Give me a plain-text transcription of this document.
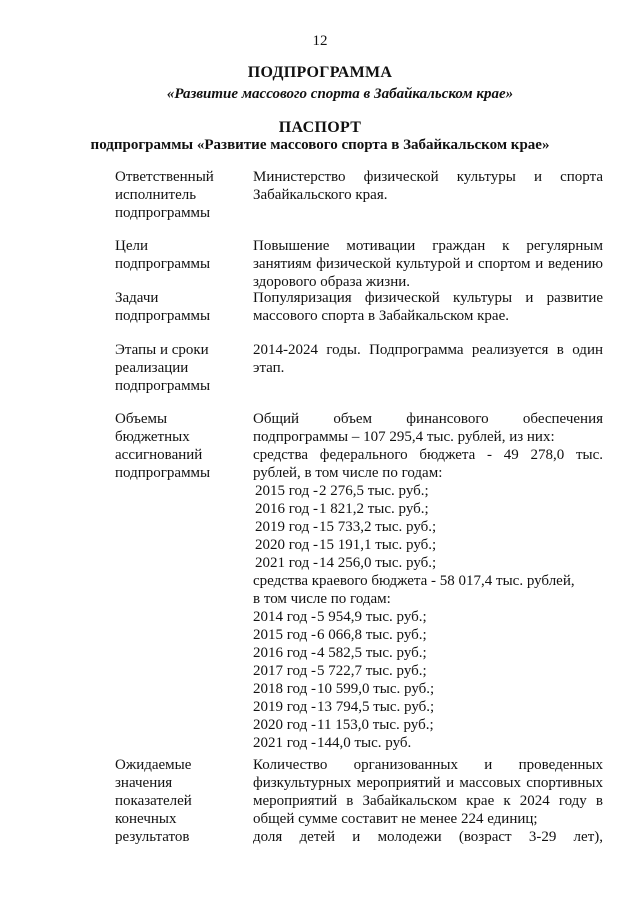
12
ПОДПРОГРАММА
«Развитие массового спорта в Забайкальском крае»
ПАСПОРТ
подпрограммы «Развитие массового спорта в Забайкальском крае»
Ответственный
исполнитель
подпрограммы
Министерство физической культуры и спорта
Забайкальского края.
Цели
подпрограммы
Повышение мотивации граждан к регулярным
занятиям физической культурой и спортом и ведению
здорового образа жизни.
Задачи
подпрограммы
Популяризация физической культуры и развитие
массового спорта в Забайкальском крае.
Этапы и сроки
реализации
подпрограммы
2014-2024 годы. Подпрограмма реализуется в один
этап.
Объемы
бюджетных
ассигнований
подпрограммы
Общий объем финансового обеспечения
подпрограммы – 107 295,4 тыс. рублей, из них:
средства федерального бюджета - 49 278,0 тыс.
рублей, в том числе по годам:
2015 год -2 276,5 тыс. руб.;
2016 год -1 821,2 тыс. руб.;
2019 год -15 733,2 тыс. руб.;
2020 год -15 191,1 тыс. руб.;
2021 год -14 256,0 тыс. руб.;
средства краевого бюджета - 58 017,4 тыс. рублей,
в том числе по годам:
2014 год -5 954,9 тыс. руб.;
2015 год -6 066,8 тыс. руб.;
2016 год -4 582,5 тыс. руб.;
2017 год -5 722,7 тыс. руб.;
2018 год -10 599,0 тыс. руб.;
2019 год -13 794,5 тыс. руб.;
2020 год -11 153,0 тыс. руб.;
2021 год -144,0 тыс. руб.
Ожидаемые
значения
показателей
конечных
результатов
Количество организованных и проведенных
физкультурных мероприятий и массовых спортивных
мероприятий в Забайкальском крае к 2024 году в
общей сумме составит не менее 224 единиц;
доля детей и молодежи (возраст 3-29 лет),
